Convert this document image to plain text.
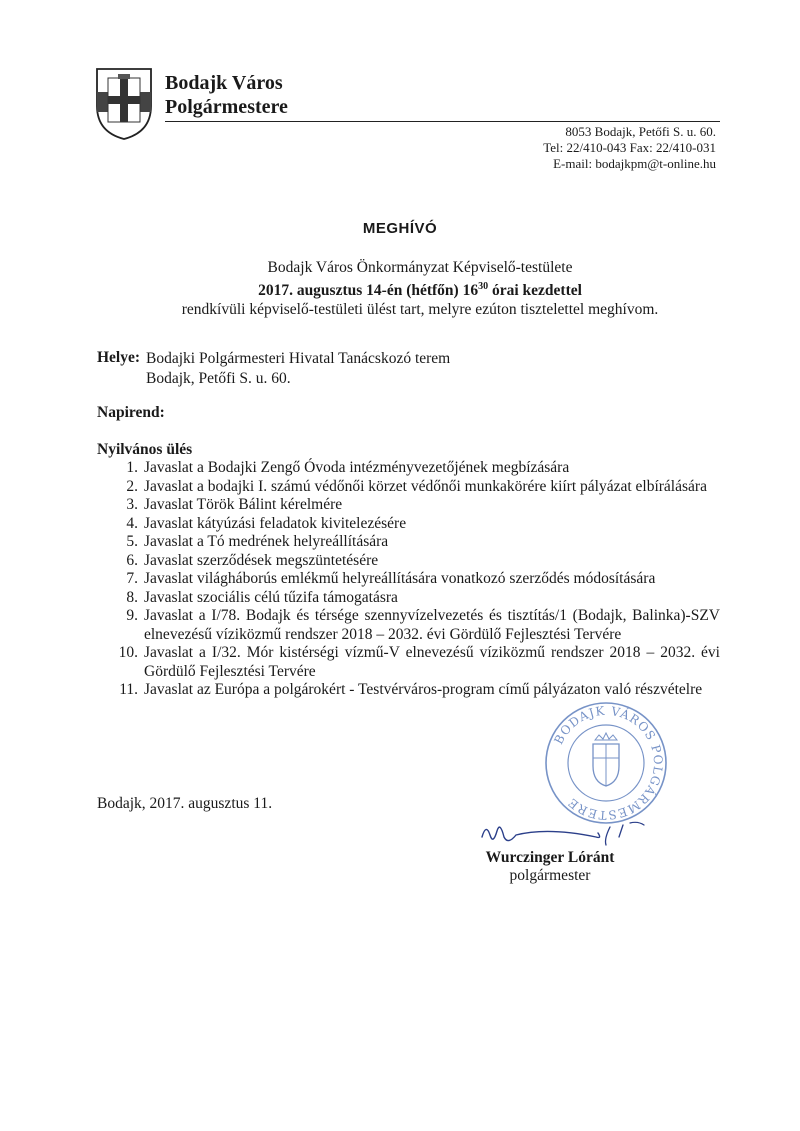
Bodajk Város
Polgármestere
8053 Bodajk, Petőfi S. u. 60.
Tel: 22/410-043 Fax: 22/410-031
E-mail: bodajkpm@t-online.hu
MEGHÍVÓ
Bodajk Város Önkormányzat Képviselő-testülete
2017. augusztus 14-én (hétfőn) $16^{30}$ órai kezdettel
rendkívüli képviselő-testületi ülést tart, melyre ezúton tisztelettel meghívom.
Helye: Bodajki Polgármesteri Hivatal Tanácskozó terem
Bodajk, Petőfi S. u. 60.
Napirend:
Nyilvános ülés
1. Javaslat a Bodajki Zengő Óvoda intézményvezetőjének megbízására
2. Javaslat a bodajki I. számú védőnői körzet védőnői munkakörére kiírt pályázat elbírálására
3. Javaslat Török Bálint kérelmére
4. Javaslat kátyúzási feladatok kivitelezésére
5. Javaslat a Tó medrének helyreállítására
6. Javaslat szerződések megszüntetésére
7. Javaslat világháborús emlékmű helyreállítására vonatkozó szerződés módosítására
8. Javaslat szociális célú tűzifa támogatásra
9. Javaslat a I/78. Bodajk és térsége szennyvízelvezetés és tisztítás/1 (Bodajk, Balinka)-SZV elnevezésű víziközmű rendszer 2018 – 2032. évi Gördülő Fejlesztési Tervére
10. Javaslat a I/32. Mór kistérségi vízmű-V elnevezésű víziközmű rendszer 2018 – 2032. évi Gördülő Fejlesztési Tervére
11. Javaslat az Európa a polgárokért - Testvérváros-program című pályázaton való részvételre
Bodajk, 2017. augusztus 11.
BODAJK VÁROS POLGÁRMESTERE
Wurczinger Lóránt
polgármester
